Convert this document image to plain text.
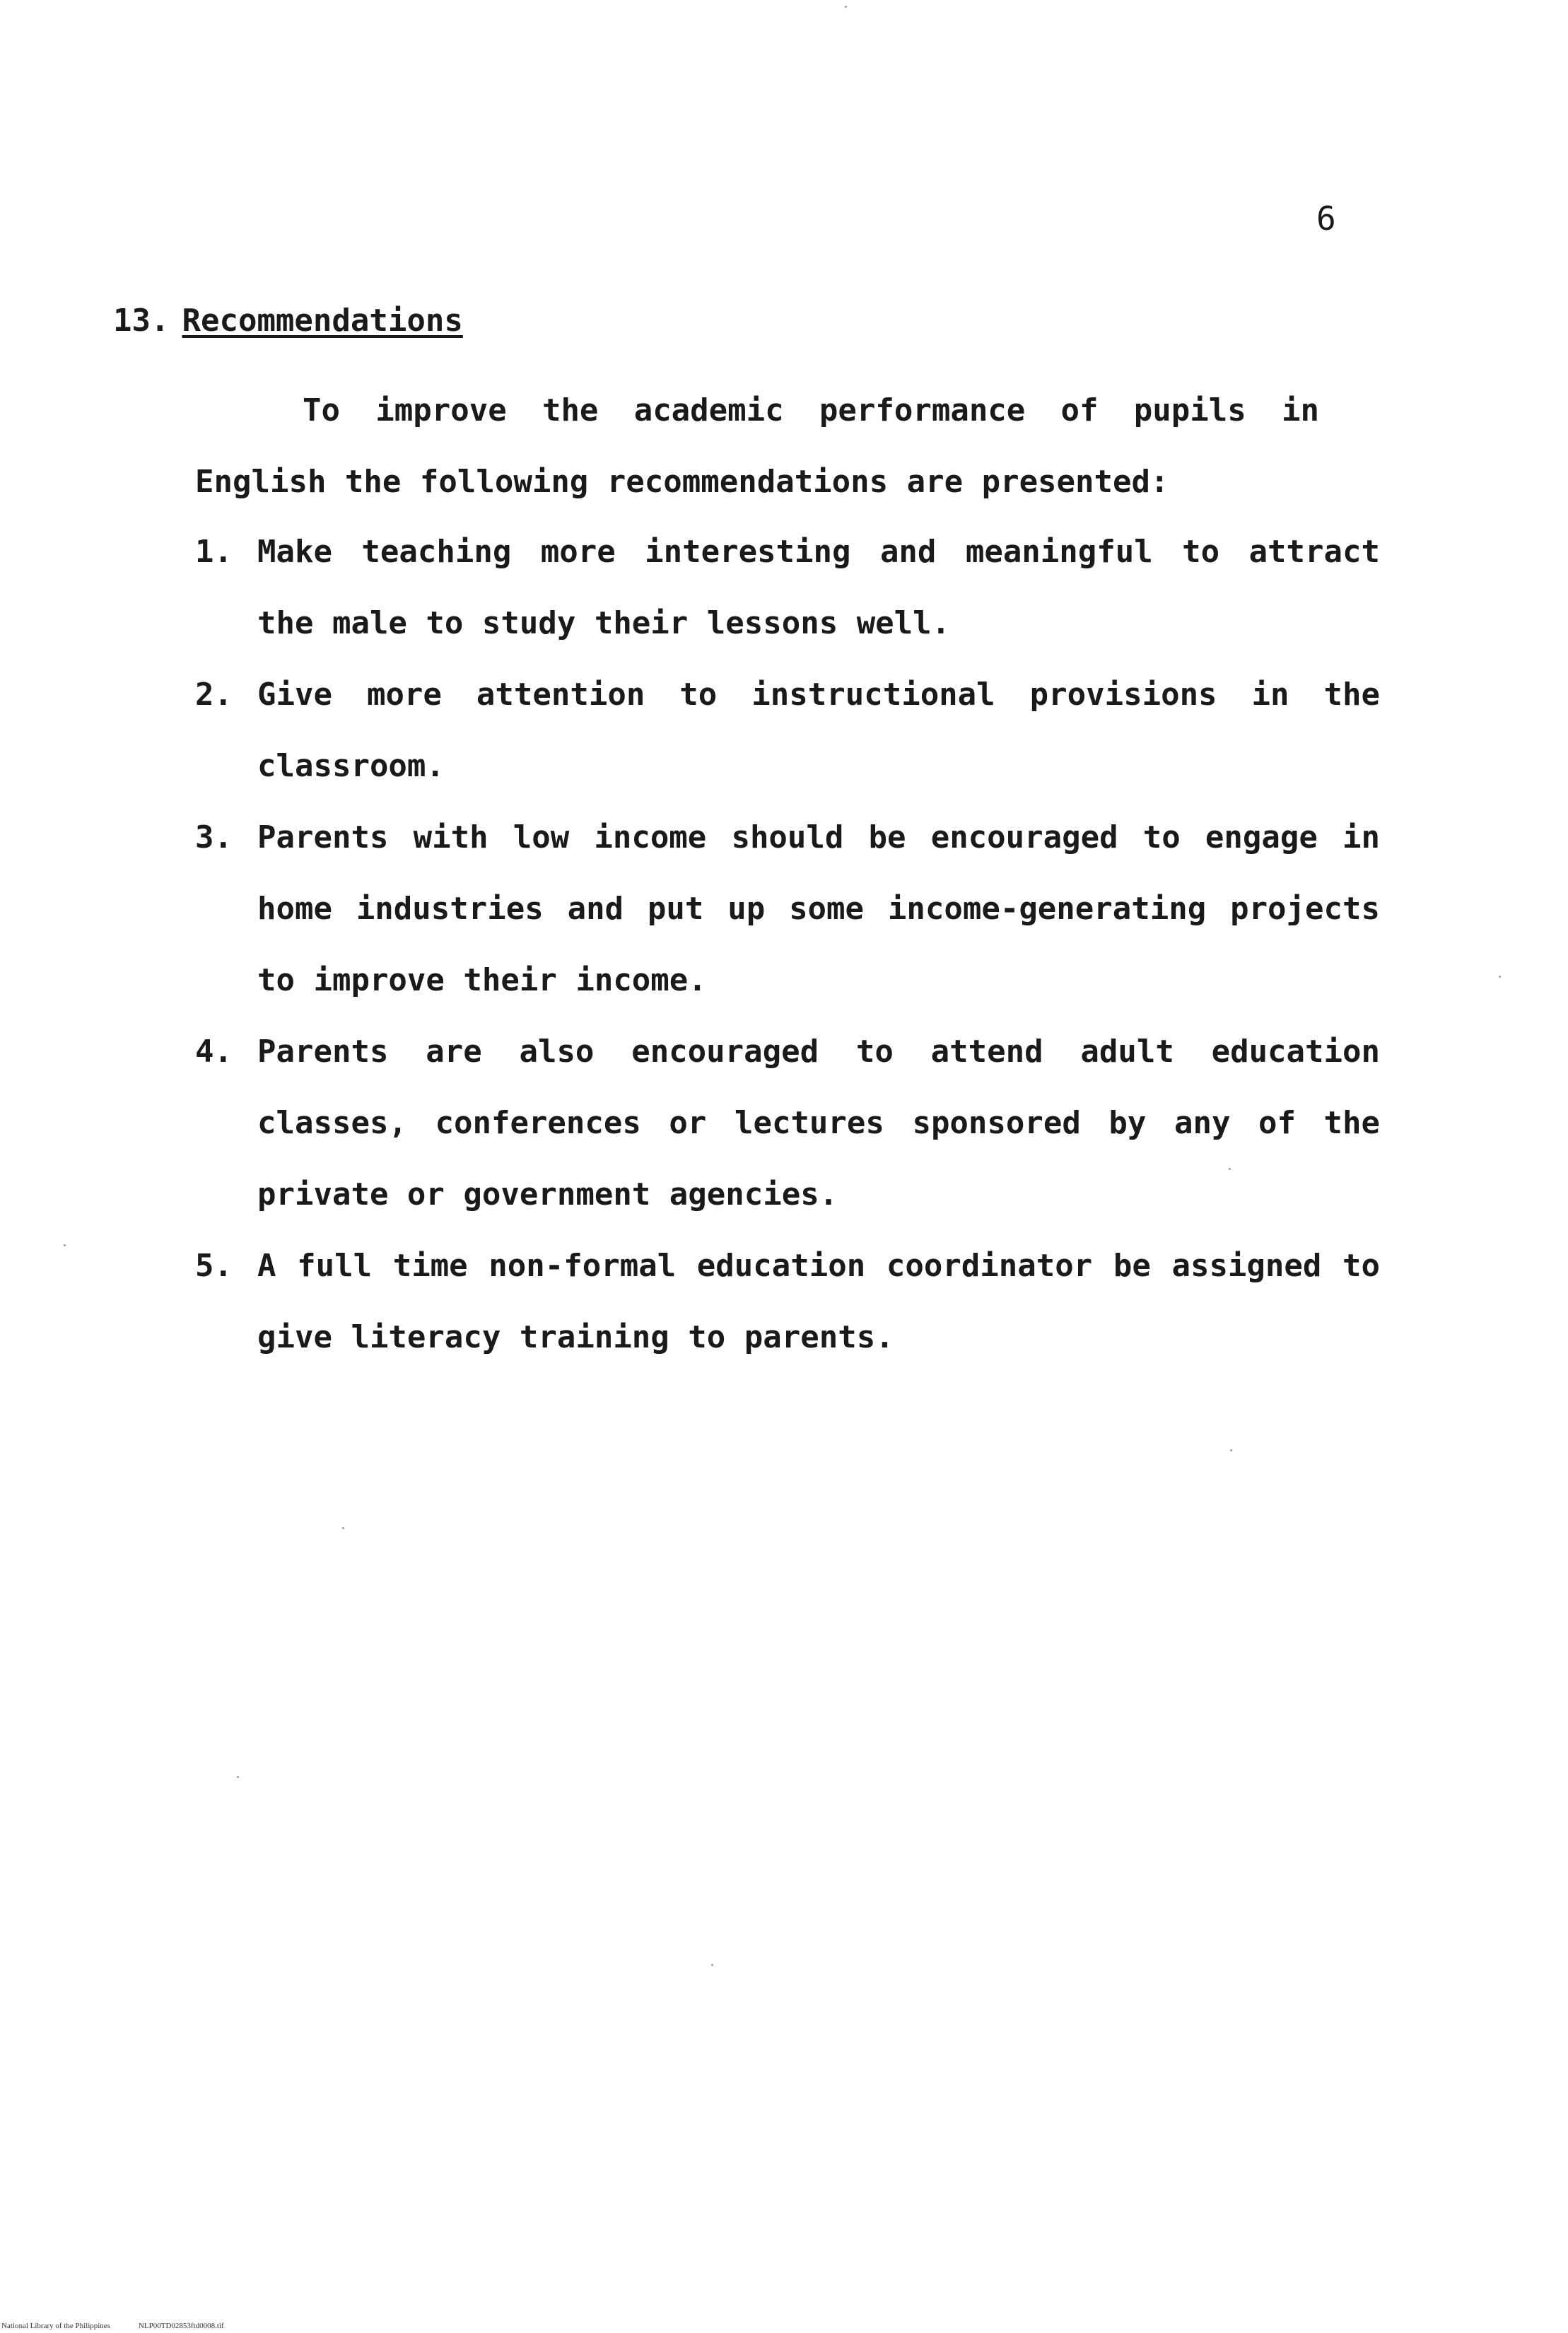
6
13. Recommendations

To improve the academic performance of pupils in English the following recommendations are presented:

1. Make teaching more interesting and meaningful to attract the male to study their lessons well.
2. Give more attention to instructional provisions in the classroom.
3. Parents with low income should be encouraged to engage in home industries and put up some income-generating projects to improve their income.
4. Parents are also encouraged to attend adult education classes, conferences or lectures sponsored by any of the private or government agencies.
5. A full time non-formal education coordinator be assigned to give literacy training to parents.
National Library of the Philippines	NLP00TD02853ftd0008.tif
